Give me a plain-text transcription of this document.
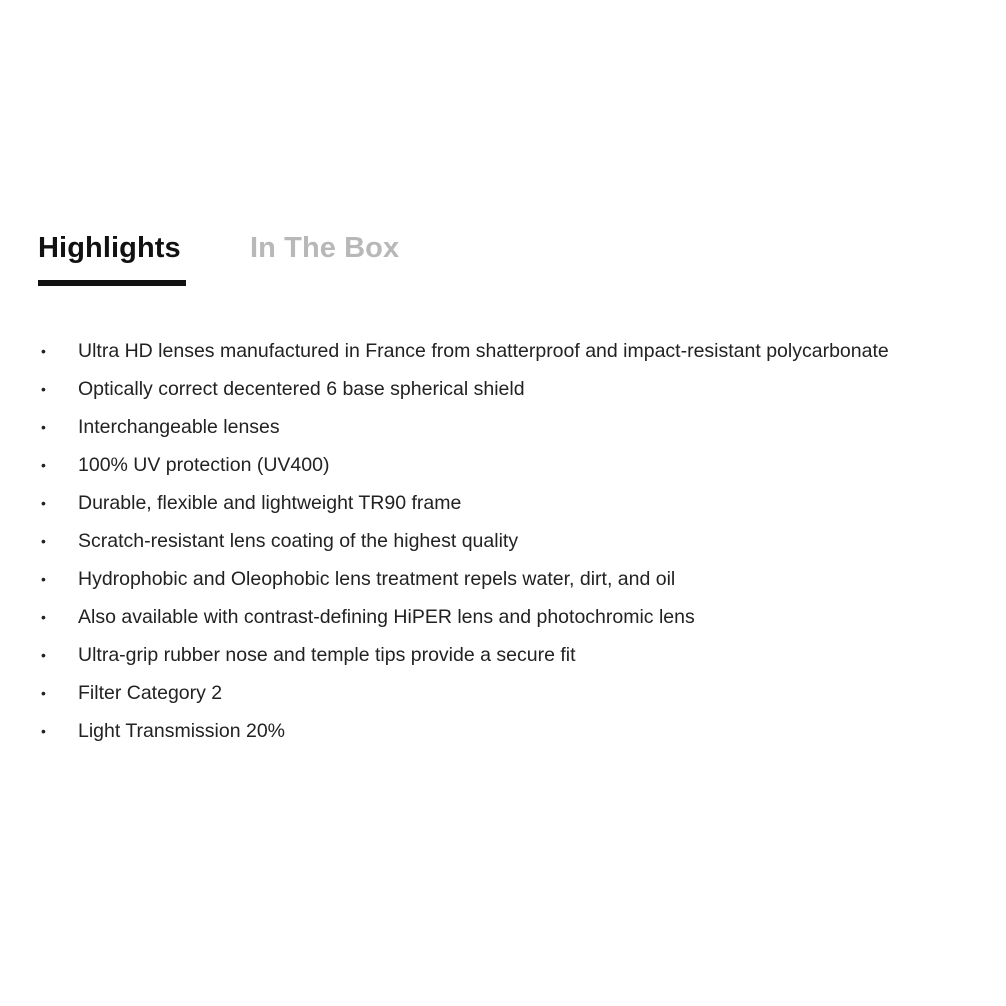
Highlights In The Box
• Ultra HD lenses manufactured in France from shatterproof and impact-resistant polycarbonate
• Optically correct decentered 6 base spherical shield
• Interchangeable lenses
• 100% UV protection (UV400)
• Durable, flexible and lightweight TR90 frame
• Scratch-resistant lens coating of the highest quality
• Hydrophobic and Oleophobic lens treatment repels water, dirt, and oil
• Also available with contrast-defining HiPER lens and photochromic lens
• Ultra-grip rubber nose and temple tips provide a secure fit
• Filter Category 2
• Light Transmission 20%
